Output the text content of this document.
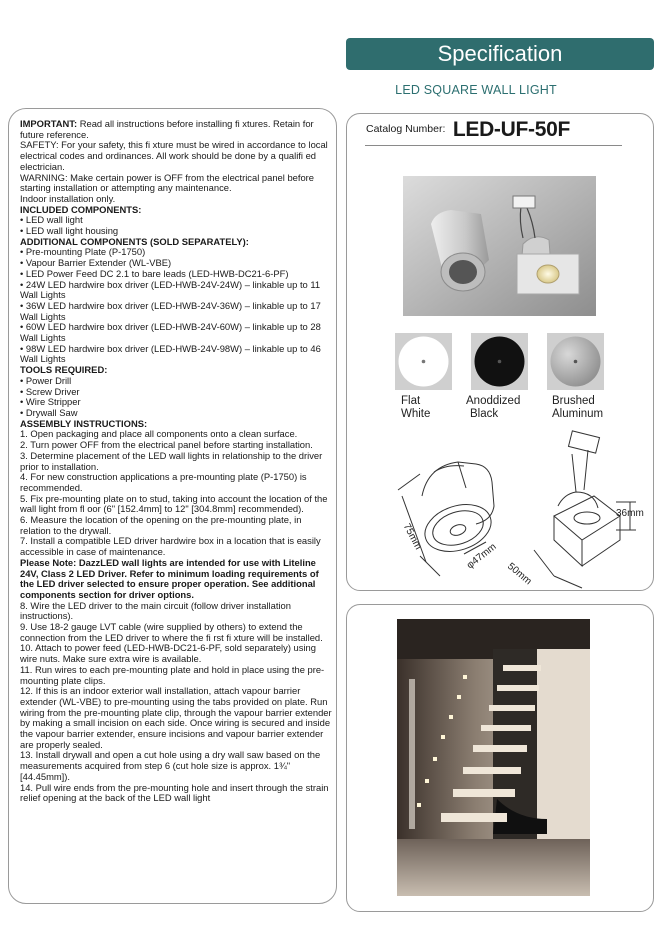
Specification
LED SQUARE WALL LIGHT

IMPORTANT: Read all instructions before installing fi xtures. Retain for future reference.

SAFETY: For your safety, this fi xture must be wired in accordance to local electrical codes and ordinances. All work should be done by a qualifi ed electrician.

WARNING: Make certain power is OFF from the electrical panel before starting installation or attempting any maintenance.

Indoor installation only.

INCLUDED COMPONENTS:

• LED wall light

• LED wall light housing

ADDITIONAL COMPONENTS (SOLD SEPARATELY):

• Pre-mounting Plate (P-1750)

• Vapour Barrier Extender (WL-VBE)

• LED Power Feed DC 2.1 to bare leads (LED-HWB-DC21-6-PF)

• 24W LED hardwire box driver (LED-HWB-24V-24W) – linkable up to 11 Wall Lights

• 36W LED hardwire box driver (LED-HWB-24V-36W) – linkable up to 17 Wall Lights

• 60W LED hardwire box driver (LED-HWB-24V-60W) – linkable up to 28 Wall Lights

• 98W LED hardwire box driver (LED-HWB-24V-98W) – linkable up to 46 Wall Lights

TOOLS REQUIRED:

• Power Drill

• Screw Driver

• Wire Stripper

• Drywall Saw

ASSEMBLY INSTRUCTIONS:

1. Open packaging and place all components onto a clean surface.

2. Turn power OFF from the electrical panel before starting installation.

3. Determine placement of the LED wall lights in relationship to the driver prior to installation.

4. For new construction applications a pre-mounting plate (P-1750) is recommended.

5. Fix pre-mounting plate on to stud, taking into account the location of the wall light from fl oor (6" [152.4mm] to 12" [304.8mm] recommended).

6. Measure the location of the opening on the pre-mounting plate, in relation to the drywall.

7. Install a compatible LED driver hardwire box in a location that is easily accessible in case of maintenance.

Please Note: DazzLED wall lights are intended for use with Liteline 24V, Class 2 LED Driver. Refer to minimum loading requirements of the LED driver selected to ensure proper operation. See additional components section for driver options.

8. Wire the LED driver to the main circuit (follow driver installation instructions).

9. Use 18-2 gauge LVT cable (wire supplied by others) to extend the connection from the LED driver to where the fi rst fi xture will be installed.

10. Attach to power feed (LED-HWB-DC21-6-PF, sold separately) using wire nuts. Make sure extra wire is available.

11. Run wires to each pre-mounting plate and hold in place using the pre-mounting plate clips.

12. If this is an indoor exterior wall installation, attach vapour barrier extender (WL-VBE) to pre-mounting using the tabs provided on plate. Run wiring from the pre-mounting plate clip, through the vapour barrier extender by making a small incision on each side. Once wiring is secured and inside the vapour barrier extender, ensure incisions and vapour barrier extender are properly sealed.

13. Install drywall and open a cut hole using a dry wall saw based on the measurements acquired from step 6 (cut hole size is approx. 1¾" [44.45mm]).

14. Pull wire ends from the pre-mounting hole and insert through the strain relief opening at the back of the LED wall light

$^{Catalog Number:}$ LED-UF-50F
Flat
White
Anoddized
Black
Brushed
Aluminum
75mm
φ47mm
50mm
36mm
